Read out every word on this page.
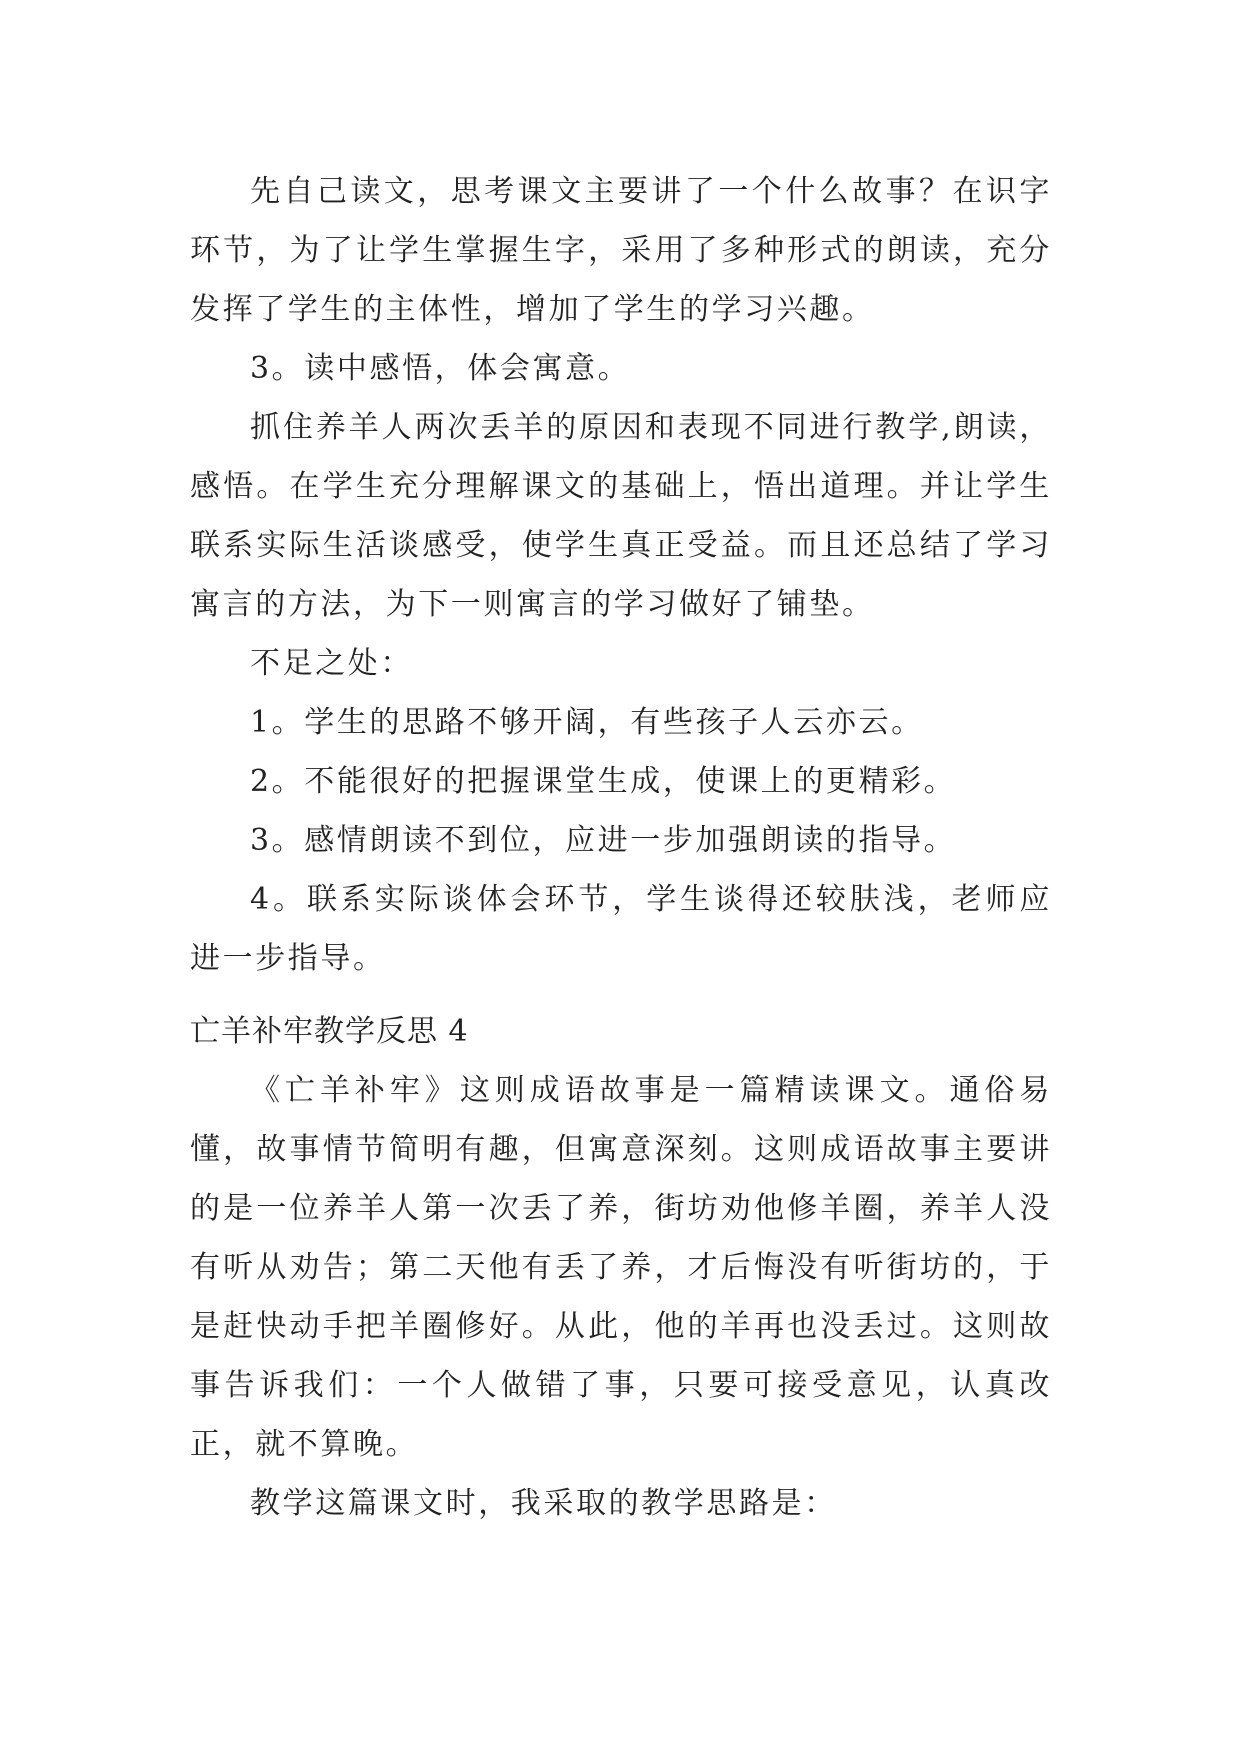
先自己读文，思考课文主要讲了一个什么故事？在识字环节，为了让学生掌握生字，采用了多种形式的朗读，充分发挥了学生的主体性，增加了学生的学习兴趣。

3。读中感悟，体会寓意。

抓住养羊人两次丢羊的原因和表现不同进行教学,朗读，感悟。在学生充分理解课文的基础上，悟出道理。并让学生联系实际生活谈感受，使学生真正受益。而且还总结了学习寓言的方法，为下一则寓言的学习做好了铺垫。

不足之处：

1。学生的思路不够开阔，有些孩子人云亦云。

2。不能很好的把握课堂生成，使课上的更精彩。

3。感情朗读不到位，应进一步加强朗读的指导。

4。联系实际谈体会环节，学生谈得还较肤浅，老师应进一步指导。

亡羊补牢教学反思 4

《亡羊补牢》这则成语故事是一篇精读课文。通俗易懂，故事情节简明有趣，但寓意深刻。这则成语故事主要讲的是一位养羊人第一次丢了养，街坊劝他修羊圈，养羊人没有听从劝告；第二天他有丢了养，才后悔没有听街坊的，于是赶快动手把羊圈修好。从此，他的羊再也没丢过。这则故事告诉我们：一个人做错了事，只要可接受意见，认真改正，就不算晚。

教学这篇课文时，我采取的教学思路是：
